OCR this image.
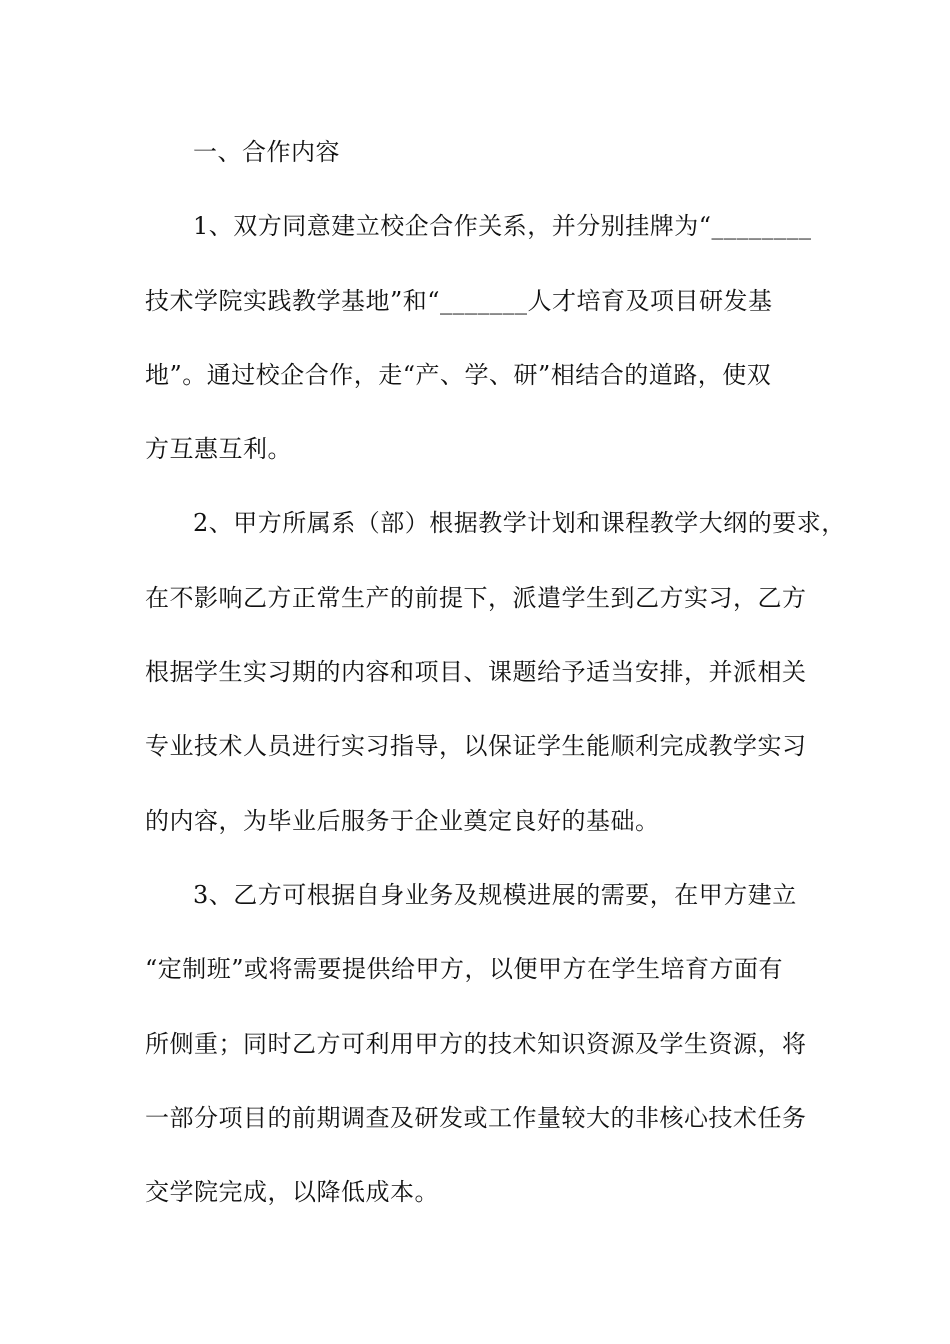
一、合作内容
1、双方同意建立校企合作关系，并分别挂牌为“________
技术学院实践教学基地”和“_______人才培育及项目研发基
地”。通过校企合作，走“产、学、研”相结合的道路，使双
方互惠互利。
2、甲方所属系（部）根据教学计划和课程教学大纲的要求，
在不影响乙方正常生产的前提下，派遣学生到乙方实习，乙方
根据学生实习期的内容和项目、课题给予适当安排，并派相关
专业技术人员进行实习指导，以保证学生能顺利完成教学实习
的内容，为毕业后服务于企业奠定良好的基础。
3、乙方可根据自身业务及规模进展的需要，在甲方建立
“定制班”或将需要提供给甲方，以便甲方在学生培育方面有
所侧重；同时乙方可利用甲方的技术知识资源及学生资源，将
一部分项目的前期调查及研发或工作量较大的非核心技术任务
交学院完成，以降低成本。
